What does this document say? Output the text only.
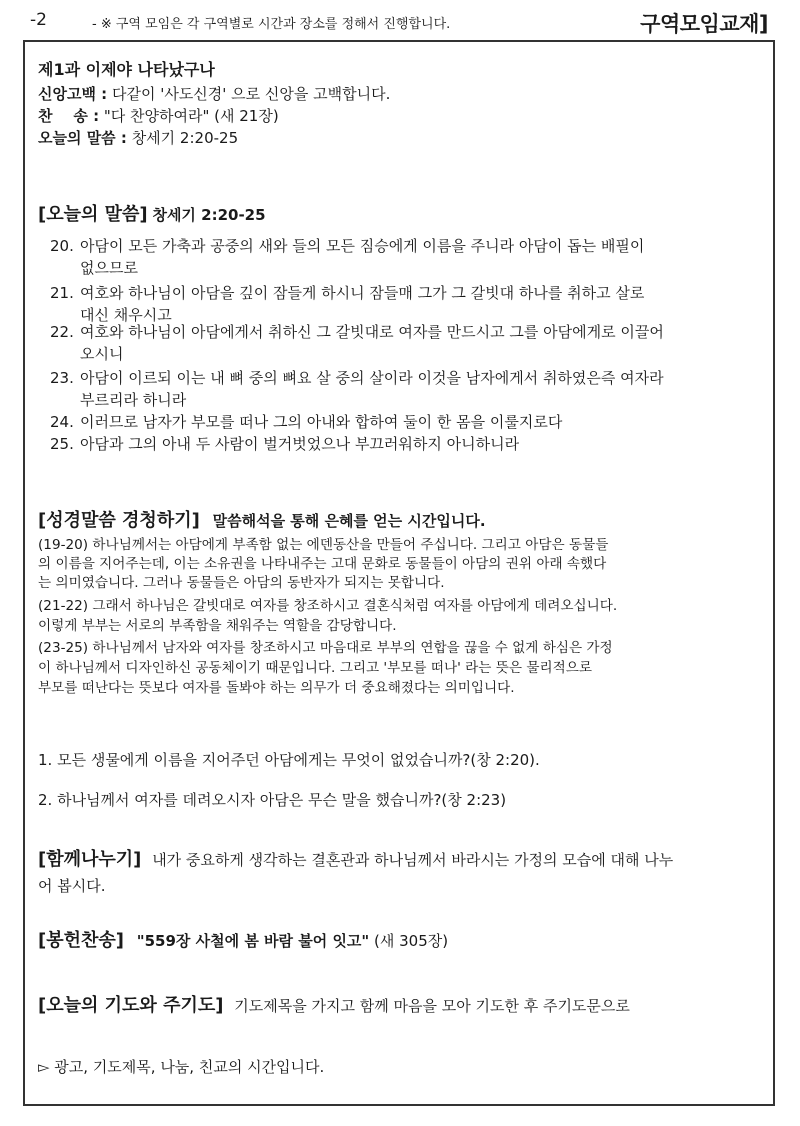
-2	- ※ 구역 모임은 각 구역별로 시간과 장소를 정해서 진행합니다.	구역모임교재]
제1과 이제야 나타났구나
신앙고백 : 다같이 '사도신경' 으로 신앙을 고백합니다.
찬    송 : "다 찬양하여라" (새 21장)
오늘의 말씀 : 창세기 2:20-25
[오늘의 말씀] 창세기 2:20-25
20. 아담이 모든 가축과 공중의 새와 들의 모든 짐승에게 이름을 주니라 아담이 돕는 배필이
없으므로
21. 여호와 하나님이 아담을 깊이 잠들게 하시니 잠들매 그가 그 갈빗대 하나를 취하고 살로
대신 채우시고
22. 여호와 하나님이 아담에게서 취하신 그 갈빗대로 여자를 만드시고 그를 아담에게로 이끌어
오시니
23. 아담이 이르되 이는 내 뼈 중의 뼈요 살 중의 살이라 이것을 남자에게서 취하였은즉 여자라
부르리라 하니라
24. 이러므로 남자가 부모를 떠나 그의 아내와 합하여 둘이 한 몸을 이룰지로다
25. 아담과 그의 아내 두 사람이 벌거벗었으나 부끄러워하지 아니하니라
[성경말씀 경청하기] 말씀해석을 통해 은혜를 얻는 시간입니다.
(19-20) 하나님께서는 아담에게 부족함 없는 에덴동산을 만들어 주십니다. 그리고 아담은 동물들
의 이름을 지어주는데, 이는 소유권을 나타내주는 고대 문화로 동물들이 아담의 권위 아래 속했다
는 의미였습니다. 그러나 동물들은 아담의 동반자가 되지는 못합니다.
(21-22) 그래서 하나님은 갈빗대로 여자를 창조하시고 결혼식처럼 여자를 아담에게 데려오십니다.
이렇게 부부는 서로의 부족함을 채워주는 역할을 감당합니다.
(23-25) 하나님께서 남자와 여자를 창조하시고 마음대로 부부의 연합을 끊을 수 없게 하심은 가정
이 하나님께서 디자인하신 공동체이기 때문입니다. 그리고 '부모를 떠나' 라는 뜻은 물리적으로
부모를 떠난다는 뜻보다 여자를 돌봐야 하는 의무가 더 중요해졌다는 의미입니다.
1. 모든 생물에게 이름을 지어주던 아담에게는 무엇이 없었습니까?(창 2:20).
2. 하나님께서 여자를 데려오시자 아담은 무슨 말을 했습니까?(창 2:23)
[함께나누기] 내가 중요하게 생각하는 결혼관과 하나님께서 바라시는 가정의 모습에 대해 나누
어 봅시다.
[봉헌찬송] "559장 사철에 봄 바람 불어 잇고" (새 305장)
[오늘의 기도와 주기도] 기도제목을 가지고 함께 마음을 모아 기도한 후 주기도문으로
▻ 광고, 기도제목, 나눔, 친교의 시간입니다.
